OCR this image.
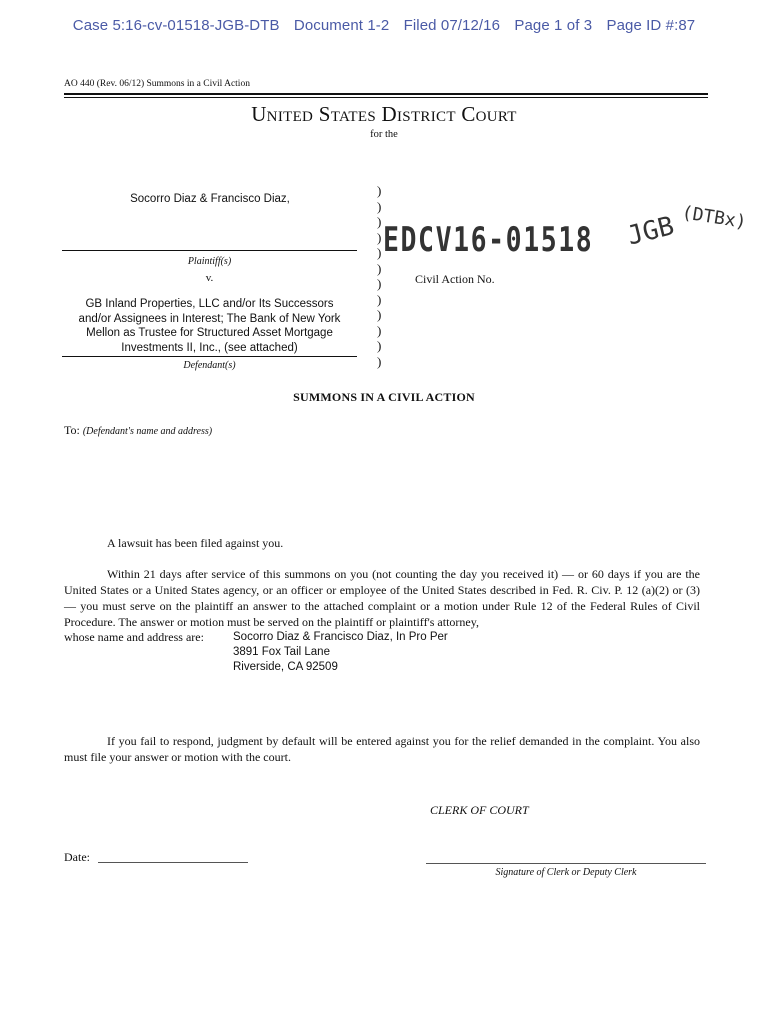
Case 5:16-cv-01518-JGB-DTB Document 1-2 Filed 07/12/16 Page 1 of 3 Page ID #:87
AO 440 (Rev. 06/12) Summons in a Civil Action
United States District Court
for the
Socorro Diaz & Francisco Diaz,
Plaintiff(s)
v.
GB Inland Properties, LLC and/or Its Successors
and/or Assignees in Interest; The Bank of New York
Mellon as Trustee for Structured Asset Mortgage
Investments II, Inc., (see attached)
Defendant(s)
)
)
)
)
)
)
)
)
)
)
)
)
EDCV16-01518 JGB (DTBx)
Civil Action No.
SUMMONS IN A CIVIL ACTION
To: (Defendant's name and address)
A lawsuit has been filed against you.
Within 21 days after service of this summons on you (not counting the day you received it) — or 60 days if you are the United States or a United States agency, or an officer or employee of the United States described in Fed. R. Civ. P. 12 (a)(2) or (3) — you must serve on the plaintiff an answer to the attached complaint or a motion under Rule 12 of the Federal Rules of Civil Procedure. The answer or motion must be served on the plaintiff or plaintiff's attorney,
whose name and address are:	Socorro Diaz & Francisco Diaz, In Pro Per
3891 Fox Tail Lane
Riverside, CA 92509
If you fail to respond, judgment by default will be entered against you for the relief demanded in the complaint. You also must file your answer or motion with the court.
CLERK OF COURT
Date:
Signature of Clerk or Deputy Clerk
